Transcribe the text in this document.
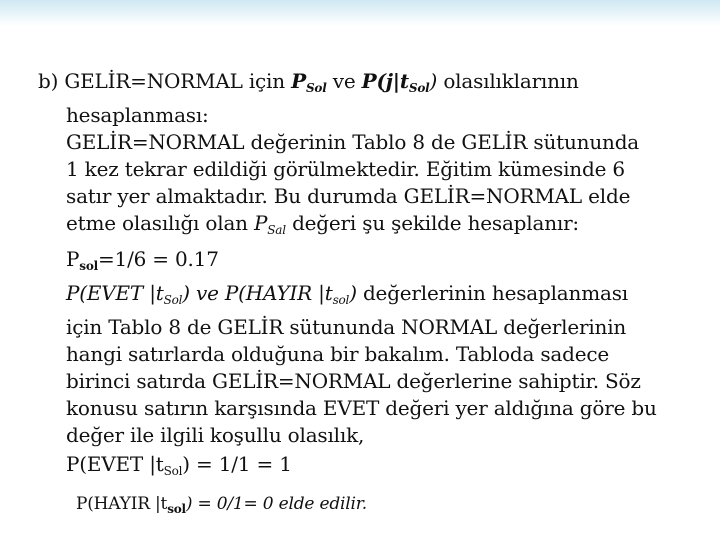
b) GELİR=NORMAL için $P_{Sol}$ ve $P(j|t_{Sol})$ olasılıklarının
hesaplanması:
GELİR=NORMAL değerinin Tablo 8 de GELİR sütununda
1 kez tekrar edildiği görülmektedir. Eğitim kümesinde 6
satır yer almaktadır. Bu durumda GELİR=NORMAL elde
etme olasılığı olan $P_{Sal}$ değeri şu şekilde hesaplanır:
$P_{sol}=1/6 = 0.17$
P(EVET $|t_{Sol}$) ve P(HAYIR $|t_{sol}$) değerlerinin hesaplanması
için Tablo 8 de GELİR sütununda NORMAL değerlerinin
hangi satırlarda olduğuna bir bakalım. Tabloda sadece
birinci satırda GELİR=NORMAL değerlerine sahiptir. Söz
konusu satırın karşısında EVET değeri yer aldığına göre bu
değer ile ilgili koşullu olasılık,
P(EVET $|t_{Sol}) = 1/1 = 1$
P(HAYIR $|t_{sol}) = 0/1= 0$ elde edilir.
